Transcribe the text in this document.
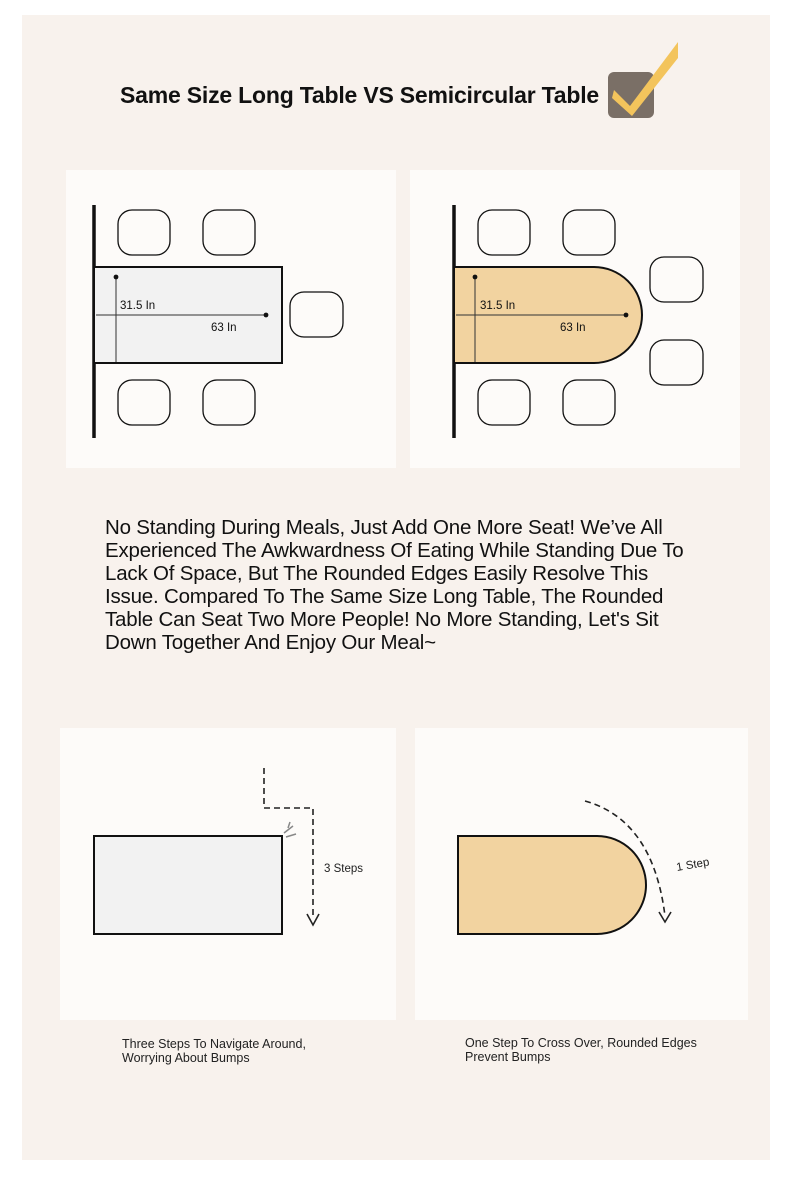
Same Size Long Table VS Semicircular Table
31.5 In
63 In
31.5 In
63 In
No Standing During Meals, Just Add One More Seat! We’ve All Experienced The Awkwardness Of Eating While Standing Due To Lack Of Space, But The Rounded Edges Easily Resolve This Issue. Compared To The Same Size Long Table, The Rounded Table Can Seat Two More People! No More Standing, Let's Sit Down Together And Enjoy Our Meal~
3 Steps	1 Step
Three Steps To Navigate Around, Worrying About Bumps
One Step To Cross Over, Rounded Edges Prevent Bumps
